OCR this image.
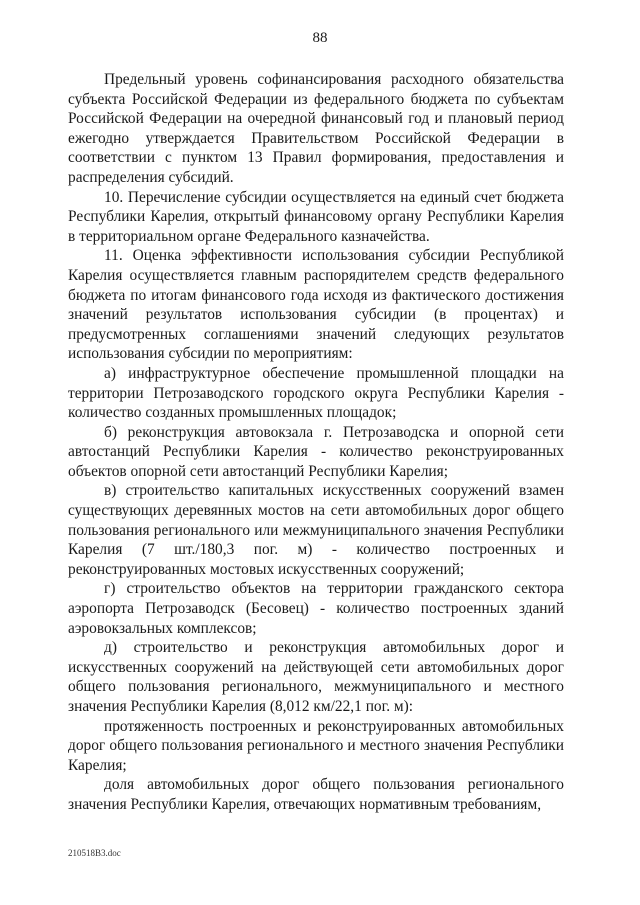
88

Предельный уровень софинансирования расходного обязательства субъекта Российской Федерации из федерального бюджета по субъектам Российской Федерации на очередной финансовый год и плановый период ежегодно утверждается Правительством Российской Федерации в соответствии с пунктом 13 Правил формирования, предоставления и распределения субсидий.

10. Перечисление субсидии осуществляется на единый счет бюджета Республики Карелия, открытый финансовому органу Республики Карелия в территориальном органе Федерального казначейства.

11. Оценка эффективности использования субсидии Республикой Карелия осуществляется главным распорядителем средств федерального бюджета по итогам финансового года исходя из фактического достижения значений результатов использования субсидии (в процентах) и предусмотренных соглашениями значений следующих результатов использования субсидии по мероприятиям:

а) инфраструктурное обеспечение промышленной площадки на территории Петрозаводского городского округа Республики Карелия - количество созданных промышленных площадок;

б) реконструкция автовокзала г. Петрозаводска и опорной сети автостанций Республики Карелия - количество реконструированных объектов опорной сети автостанций Республики Карелия;

в) строительство капитальных искусственных сооружений взамен существующих деревянных мостов на сети автомобильных дорог общего пользования регионального или межмуниципального значения Республики Карелия (7 шт./180,3 пог. м) - количество построенных и реконструированных мостовых искусственных сооружений;

г) строительство объектов на территории гражданского сектора аэропорта Петрозаводск (Бесовец) - количество построенных зданий аэровокзальных комплексов;

д) строительство и реконструкция автомобильных дорог и искусственных сооружений на действующей сети автомобильных дорог общего пользования регионального, межмуниципального и местного значения Республики Карелия (8,012 км/22,1 пог. м):

протяженность построенных и реконструированных автомобильных дорог общего пользования регионального и местного значения Республики Карелия;

доля автомобильных дорог общего пользования регионального значения Республики Карелия, отвечающих нормативным требованиям,

210518В3.doc
